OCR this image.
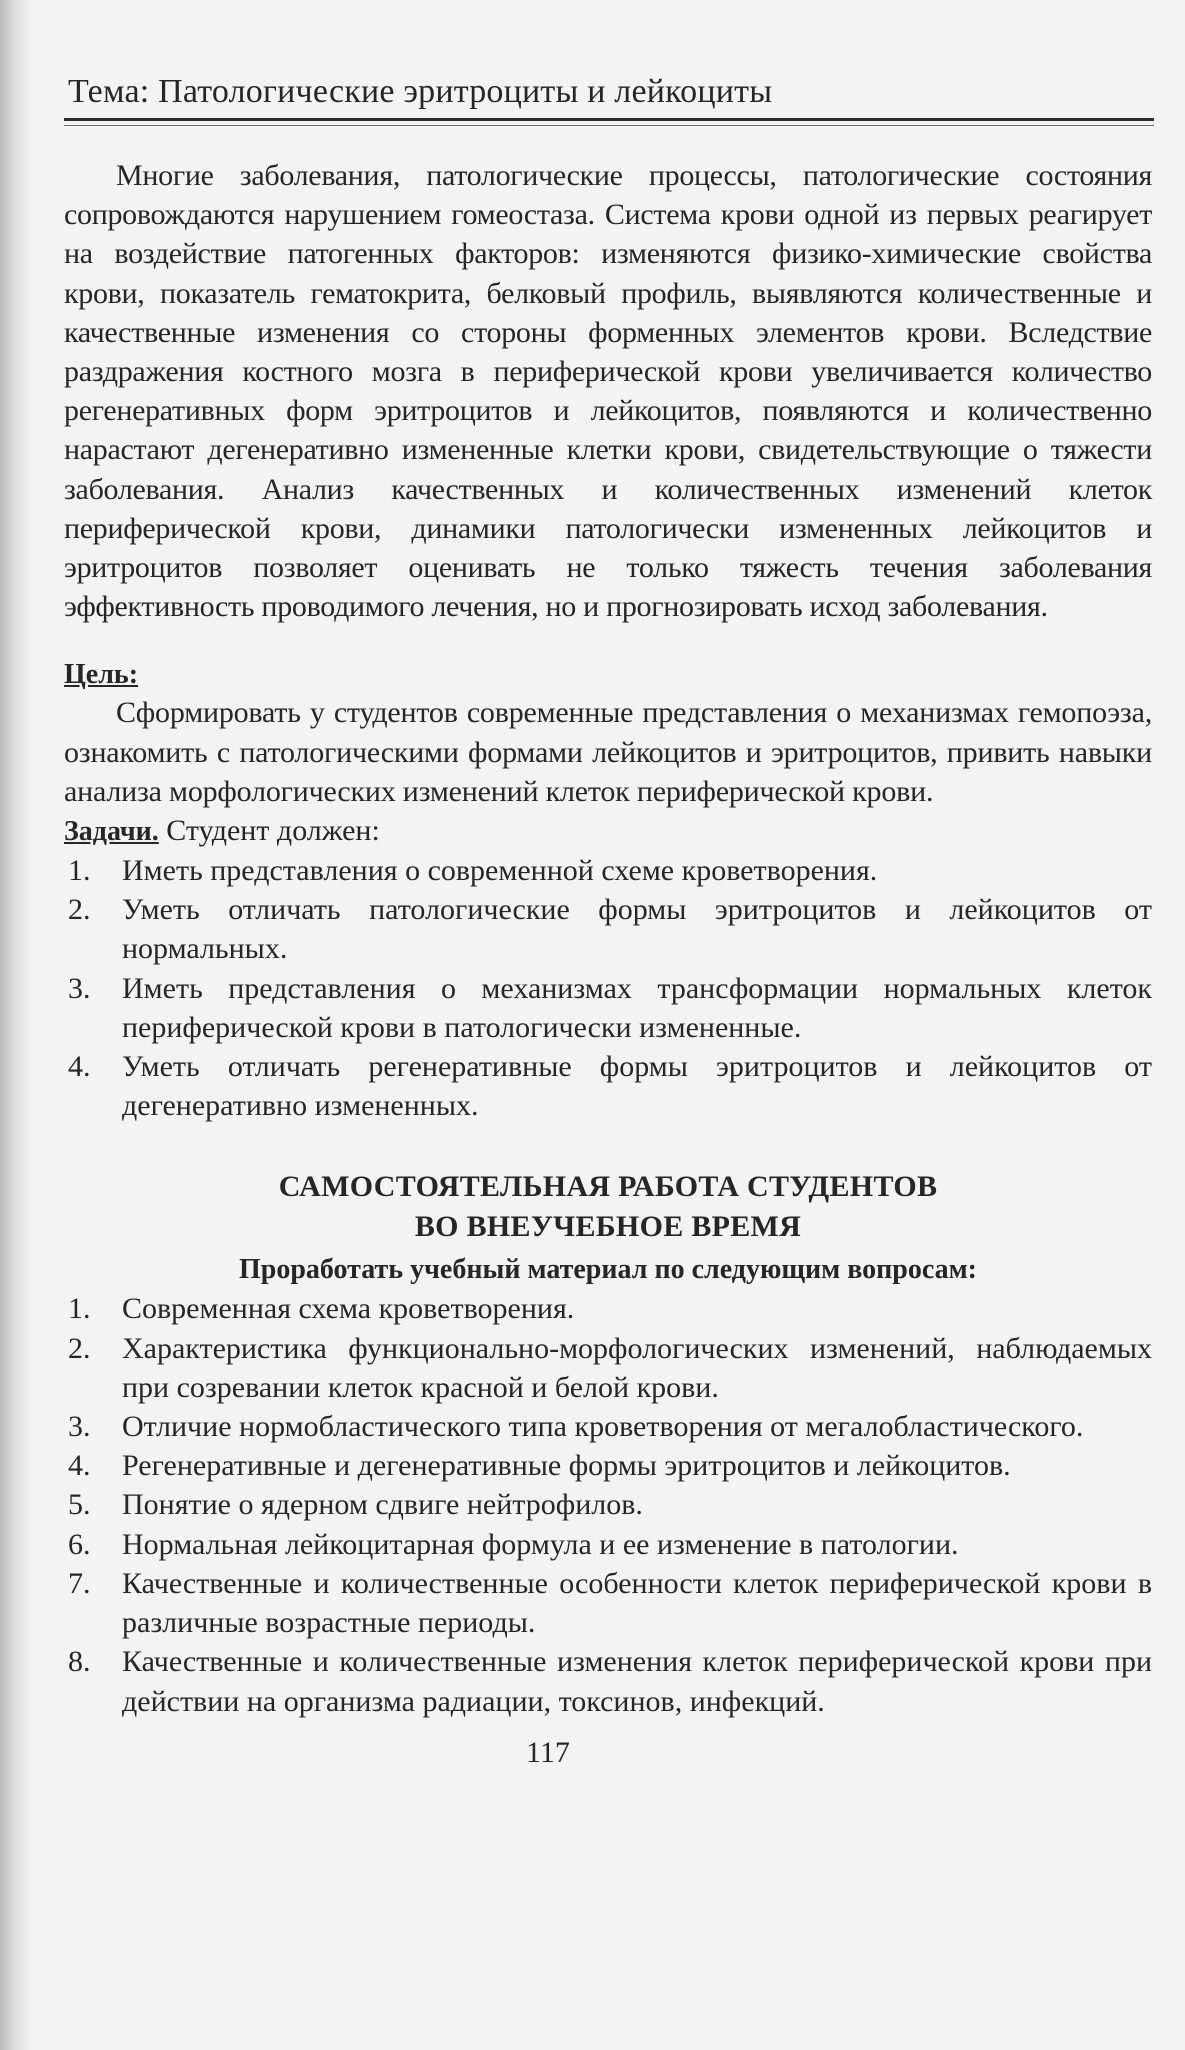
Тема: Патологические эритроциты и лейкоциты

Многие заболевания, патологические процессы, патологические состояния сопровождаются нарушением гомеостаза. Система крови одной из первых реагирует на воздействие патогенных факторов: изменяются физико-химические свойства крови, показатель гематокрита, белковый профиль, выявляются количественные и качественные изменения со стороны форменных элементов крови. Вследствие раздражения костного мозга в периферической крови увеличивается количество регенеративных форм эритроцитов и лейкоцитов, появляются и количественно нарастают дегенеративно измененные клетки крови, свидетельствующие о тяжести заболевания. Анализ качественных и количественных изменений клеток периферической крови, динамики патологически измененных лейкоцитов и эритроцитов позволяет оценивать не только тяжесть течения заболевания эффективность проводимого лечения, но и прогнозировать исход заболевания.

Цель:

Сформировать у студентов современные представления о механизмах гемопоэза, ознакомить с патологическими формами лейкоцитов и эритроцитов, привить навыки анализа морфологических изменений клеток периферической крови.

Задачи. Студент должен:
1.	Иметь представления о современной схеме кроветворения.
2.	Уметь отличать патологические формы эритроцитов и лейкоцитов от нормальных.
3.	Иметь представления о механизмах трансформации нормальных клеток периферической крови в патологически измененные.
4.	Уметь отличать регенеративные формы эритроцитов и лейкоцитов от дегенеративно измененных.
САМОСТОЯТЕЛЬНАЯ РАБОТА СТУДЕНТОВ
ВО ВНЕУЧЕБНОЕ ВРЕМЯ
Проработать учебный материал по следующим вопросам:
1.	Современная схема кроветворения.
2.	Характеристика функционально-морфологических изменений, наблюдаемых при созревании клеток красной и белой крови.
3.	Отличие нормобластического типа кроветворения от мегалобластического.
4.	Регенеративные и дегенеративные формы эритроцитов и лейкоцитов.
5.	Понятие о ядерном сдвиге нейтрофилов.
6.	Нормальная лейкоцитарная формула и ее изменение в патологии.
7.	Качественные и количественные особенности клеток периферической крови в различные возрастные периоды.
8.	Качественные и количественные изменения клеток периферической крови при действии на организма радиации, токсинов, инфекций.
117
